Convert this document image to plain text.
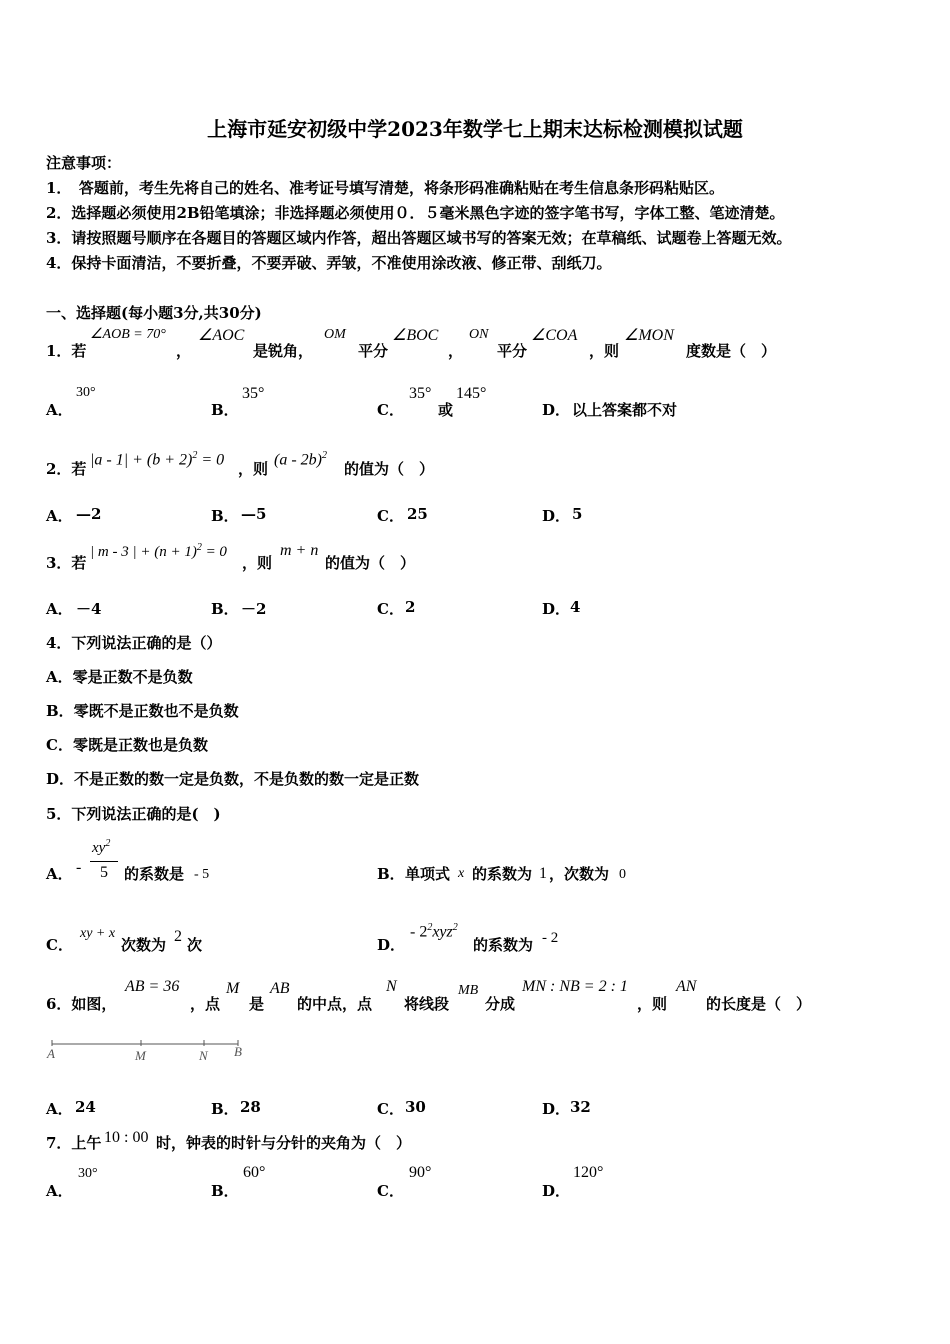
上海市延安初级中学2023年数学七上期末达标检测模拟试题
注意事项：
1．　答题前，考生先将自己的姓名、准考证号填写清楚，将条形码准确粘贴在考生信息条形码粘贴区。
2．选择题必须使用2B铅笔填涂；非选择题必须使用０．５毫米黑色字迹的签字笔书写，字体工整、笔迹清楚。
3．请按照题号顺序在各题目的答题区域内作答，超出答题区域书写的答案无效；在草稿纸、试题卷上答题无效。
4．保持卡面清洁，不要折叠，不要弄破、弄皱，不准使用涂改液、修正带、刮纸刀。
一、选择题(每小题3分,共30分)
1．若
∠AOB = 70°
，
∠AOC
是锐角，
OM
平分
∠BOC
，
ON
平分
∠COA
，则
∠MON
度数是（　）
A．
30°
B．
35°
C．
35°
或
145°
D． 以上答案都不对
2．若
$|a - 1| + (b + 2)^2 = 0$
，则
(a - 2b)$^2$
的值为（　）
A． —2	B． —5	C． 25	D． 5
3．若
| m - 3 | + $(n + 1)^2 = 0$
，则
m + n
的值为（　）
A． －4	B． －2	C． 2	D． 4
4．下列说法正确的是（）
A．零是正数不是负数
B．零既不是正数也不是负数
C．零既是正数也是负数
D．不是正数的数一定是负数，不是负数的数一定是正数
5．下列说法正确的是(　)
A． -
$xy^2$
5 的系数是 - 5	B． 单项式 x 的系数为 1 ，次数为 0
C．
xy + x
次数为 2 次	D．
- $2^2xyz^2$
的系数为 - 2
6．如图，
AB = 36
，点
M
是
AB
的中点，点
N
将线段
MB
分成
MN : NB = 2 : 1
，则
AN
的长度是（　）
A	M	N B
A． 24	B． 28	C． 30	D． 32
7．上午 10 : 00 时，钟表的时针与分针的夹角为（　）
A．
30°
B．
60°
C．
90°
D．
120°
